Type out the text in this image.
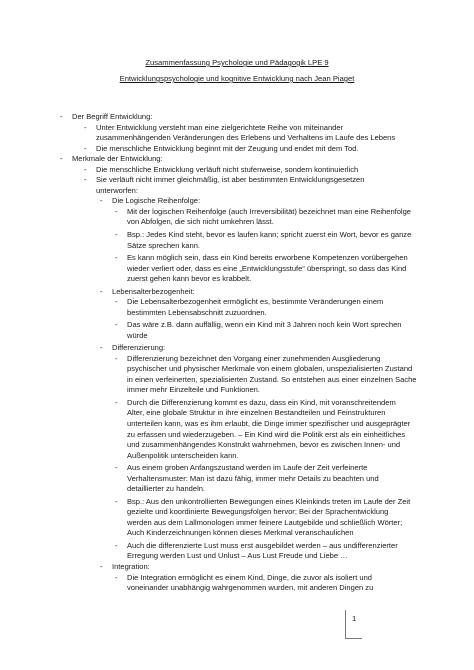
Zusammenfassung Psychologie und Pädagogik LPE 9
Entwicklungspsychologie und kognitive Entwicklung nach Jean Piaget
- Der Begriff Entwicklung:
- Unter Entwicklung versteht man eine zielgerichtete Reihe von miteinander
zusammenhängenden Veränderungen des Erlebens und Verhaltens im Laufe des Lebens
- Die menschliche Entwicklung beginnt mit der Zeugung und endet mit dem Tod.
- Merkmale der Entwicklung:
- Die menschliche Entwicklung verläuft nicht stufenweise, sondern kontinuierlich
- Sie verläuft nicht immer gleichmäßig, ist aber bestimmten Entwicklungsgesetzen
unterworfen:
- Die Logische Reihenfolge:
- Mit der logischen Reihenfolge (auch Irreversibilität) bezeichnet man eine Reihenfolge
von Abfolgen, die sich nicht umkehren lässt.
- Bsp.: Jedes Kind steht, bevor es laufen kann; spricht zuerst ein Wort, bevor es ganze
Sätze sprechen kann.
- Es kann möglich sein, dass ein Kind bereits erworbene Kompetenzen vorübergehen
wieder verliert oder, dass es eine „Entwicklungsstufe“ überspringt, so dass das Kind
zuerst gehen kann bevor es krabbelt.
- Lebensalterbezogenheit:
- Die Lebensalterbezogenheit ermöglicht es, bestimmte Veränderungen einem
bestimmten Lebensabschnitt zuzuordnen.
- Das wäre z.B. dann auffällig, wenn ein Kind mit 3 Jahren noch kein Wort sprechen
würde
- Differenzierung:
- Differenzierung bezeichnet den Vorgang einer zunehmenden Ausgliederung
psychischer und physischer Merkmale von einem globalen, unspezialisierten Zustand
in einen verfeinerten, spezialisierten Zustand. So entstehen aus einer einzelnen Sache
immer mehr Einzelteile und Funktionen.
- Durch die Differenzierung kommt es dazu, dass ein Kind, mit voranschreitendem
Alter, eine globale Struktur in ihre einzelnen Bestandteilen und Feinstrukturen
unterteilen kann, was es ihm erlaubt, die Dinge immer spezifischer und ausgeprägter
zu erfassen und wiederzugeben. – Ein Kind wird die Politik erst als ein einheitliches
und zusammenhängendes Konstrukt wahrnehmen, bevor es zwischen Innen- und
Außenpolitik unterscheiden kann.
- Aus einem groben Anfangszustand werden im Laufe der Zeit verfeinerte
Verhaltensmuster: Man ist dazu fähig, immer mehr Details zu beachten und
detaillierter zu handeln.
- Bsp.: Aus den unkontrollierten Bewegungen eines Kleinkinds treten im Laufe der Zeit
gezielte und koordinierte Bewegungsfolgen hervor; Bei der Sprachentwicklung
werden aus dem Lallmonologen immer feinere Lautgebilde und schließlich Wörter;
Auch Kinderzeichnungen können dieses Merkmal veranschaulichen
- Auch die differenzierte Lust muss erst ausgebildet werden – aus undifferenzierter
Erregung werden Lust und Unlust – Aus Lust Freude und Liebe …
- Integration:
- Die Integration ermöglicht es einem Kind, Dinge, die zuvor als isoliert und
voneinander unabhängig wahrgenommen wurden, mit anderen Dingen zu
1
